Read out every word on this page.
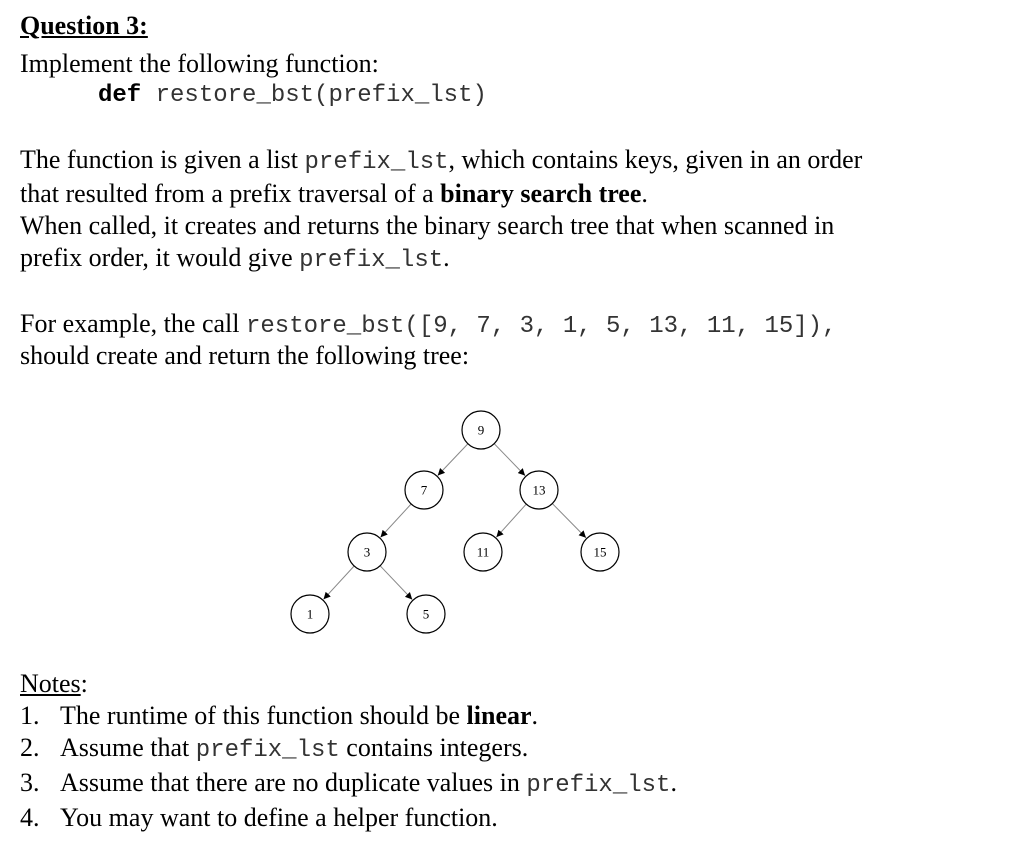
Question 3:
Implement the following function:
def restore_bst(prefix_lst)
The function is given a list prefix_lst, which contains keys, given in an order
that resulted from a prefix traversal of a binary search tree.
When called, it creates and returns the binary search tree that when scanned in
prefix order, it would give prefix_lst.
For example, the call restore_bst([9, 7, 3, 1, 5, 13, 11, 15]),
should create and return the following tree:
9
7	13
3	11	15
1	5
Notes:
1. The runtime of this function should be linear.
2. Assume that prefix_lst contains integers.
3. Assume that there are no duplicate values in prefix_lst.
4. You may want to define a helper function.
